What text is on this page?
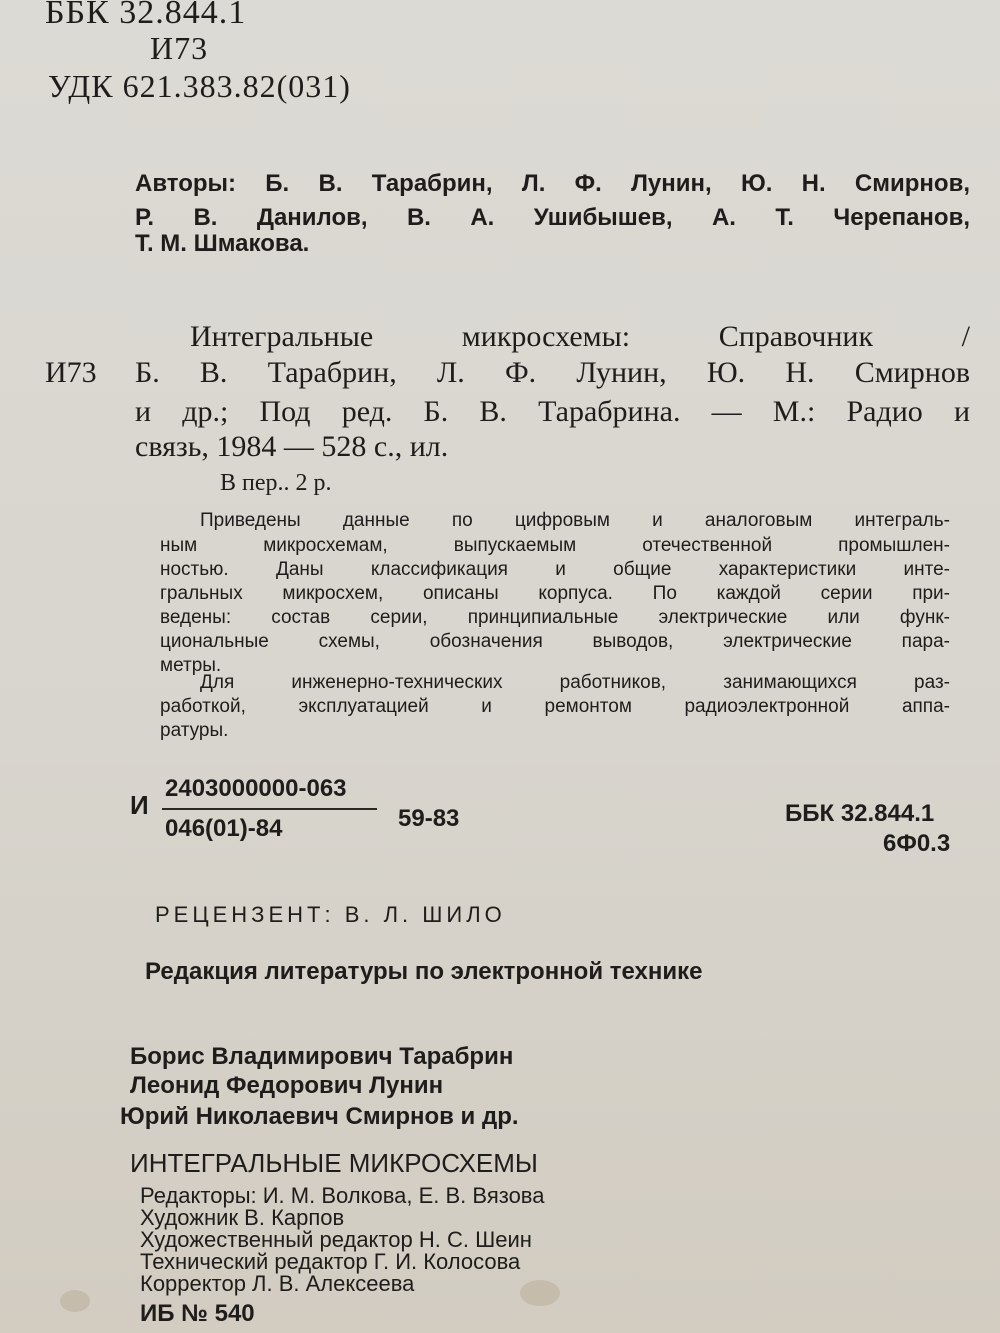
ББК 32.844.1
И73
УДК 621.383.82(031)
Авторы: Б. В. Тарабрин, Л. Ф. Лунин, Ю. Н. Смирнов,
Р. В. Данилов, В. А. Ушибышев, А. Т. Черепанов,
Т. М. Шмакова.
И73
Интегральные микросхемы: Справочник /
Б. В. Тарабрин, Л. Ф. Лунин, Ю. Н. Смирнов
и др.; Под ред. Б. В. Тарабрина. — М.: Радио и
связь, 1984 — 528 с., ил.
В пер.. 2 р.
Приведены данные по цифровым и аналоговым интеграль-
ным микросхемам, выпускаемым отечественной промышлен-
ностью. Даны классификация и общие характеристики инте-
гральных микросхем, описаны корпуса. По каждой серии при-
ведены: состав серии, принципиальные электрические или функ-
циональные схемы, обозначения выводов, электрические пара-
метры.
Для инженерно-технических работников, занимающихся раз-
работкой, эксплуатацией и ремонтом радиоэлектронной аппа-
ратуры.
И
2403000000-063
046(01)-84	59-83	ББК 32.844.1
6Ф0.3
РЕЦЕНЗЕНТ: В. Л. ШИЛО
Редакция литературы по электронной технике
Борис Владимирович Тарабрин
Леонид Федорович Лунин
Юрий Николаевич Смирнов и др.
ИНТЕГРАЛЬНЫЕ МИКРОСХЕМЫ
Редакторы: И. М. Волкова, Е. В. Вязова
Художник В. Карпов
Художественный редактор Н. С. Шеин
Технический редактор Г. И. Колосова
Корректор Л. В. Алексеева
ИБ № 540
